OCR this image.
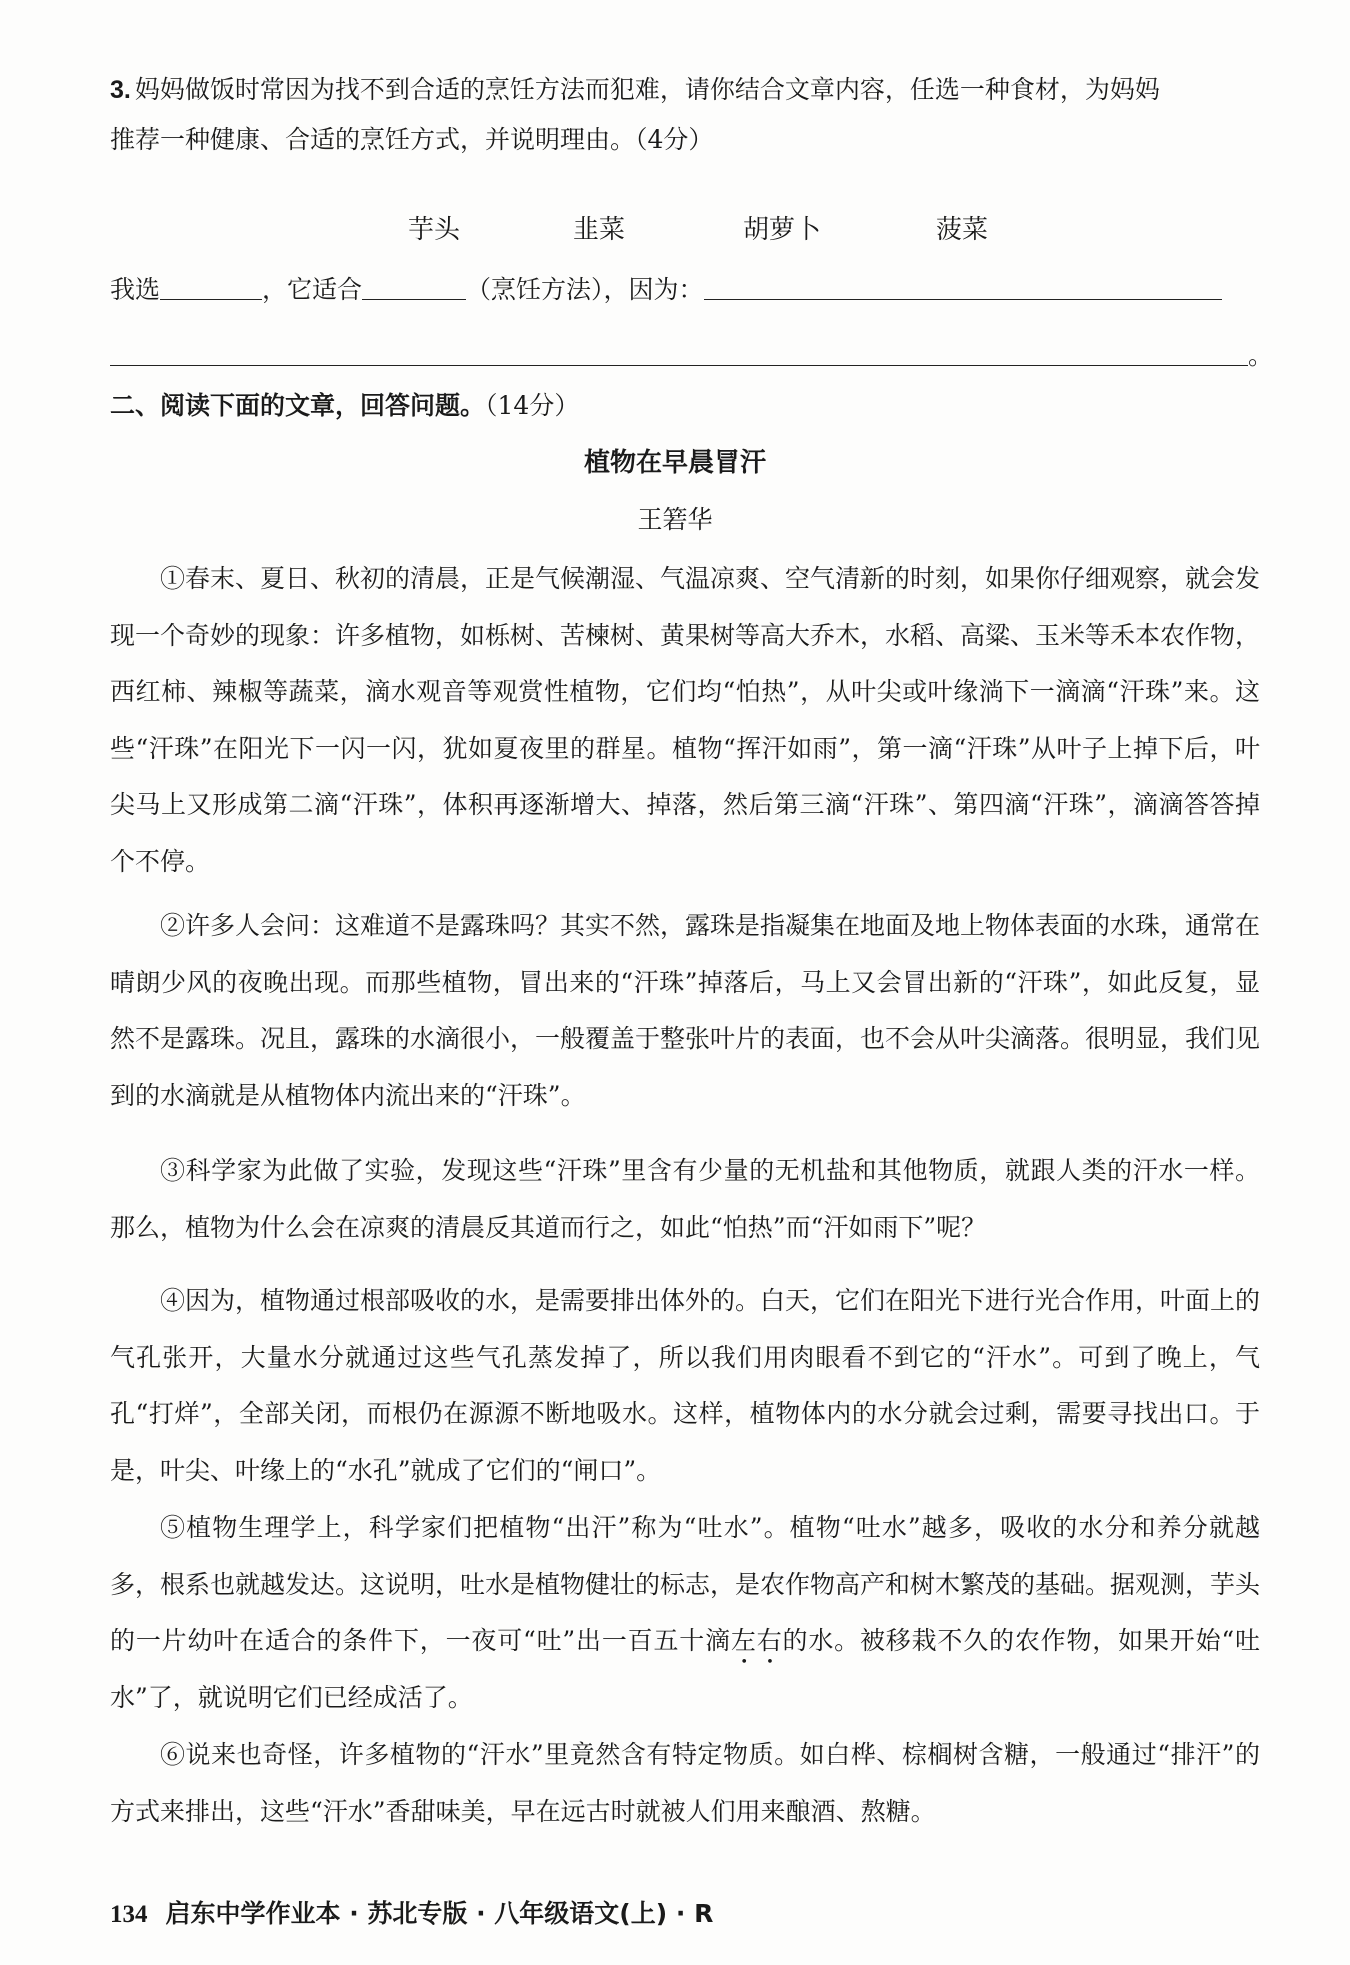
3. 妈妈做饭时常因为找不到合适的烹饪方法而犯难，请你结合文章内容，任选一种食材，为妈妈
推荐一种健康、合适的烹饪方式，并说明理由。（4分）
芋头	韭菜	胡萝卜	菠菜
我选	，它适合	（烹饪方法），因为：
。
二、阅读下面的文章，回答问题。（14分）
植物在早晨冒汗
王箬华
①春末、夏日、秋初的清晨，正是气候潮湿、气温凉爽、空气清新的时刻，如果你仔细观察，就会发现一个奇妙的现象：许多植物，如栎树、苦楝树、黄果树等高大乔木，水稻、高粱、玉米等禾本农作物，西红柿、辣椒等蔬菜，滴水观音等观赏性植物，它们均“怕热”，从叶尖或叶缘淌下一滴滴“汗珠”来。这些“汗珠”在阳光下一闪一闪，犹如夏夜里的群星。植物“挥汗如雨”，第一滴“汗珠”从叶子上掉下后，叶尖马上又形成第二滴“汗珠”，体积再逐渐增大、掉落，然后第三滴“汗珠”、第四滴“汗珠”，滴滴答答掉个不停。
②许多人会问：这难道不是露珠吗？其实不然，露珠是指凝集在地面及地上物体表面的水珠，通常在晴朗少风的夜晚出现。而那些植物，冒出来的“汗珠”掉落后，马上又会冒出新的“汗珠”，如此反复，显然不是露珠。况且，露珠的水滴很小，一般覆盖于整张叶片的表面，也不会从叶尖滴落。很明显，我们见到的水滴就是从植物体内流出来的“汗珠”。
③科学家为此做了实验，发现这些“汗珠”里含有少量的无机盐和其他物质，就跟人类的汗水一样。那么，植物为什么会在凉爽的清晨反其道而行之，如此“怕热”而“汗如雨下”呢？
④因为，植物通过根部吸收的水，是需要排出体外的。白天，它们在阳光下进行光合作用，叶面上的气孔张开，大量水分就通过这些气孔蒸发掉了，所以我们用肉眼看不到它的“汗水”。可到了晚上，气孔“打烊”，全部关闭，而根仍在源源不断地吸水。这样，植物体内的水分就会过剩，需要寻找出口。于是，叶尖、叶缘上的“水孔”就成了它们的“闸口”。
⑤植物生理学上，科学家们把植物“出汗”称为“吐水”。植物“吐水”越多，吸收的水分和养分就越多，根系也就越发达。这说明，吐水是植物健壮的标志，是农作物高产和树木繁茂的基础。据观测，芋头的一片幼叶在适合的条件下，一夜可“吐”出一百五十滴左右的水。被移栽不久的农作物，如果开始“吐水”了，就说明它们已经成活了。
⑥说来也奇怪，许多植物的“汗水”里竟然含有特定物质。如白桦、棕榈树含糖，一般通过“排汗”的方式来排出，这些“汗水”香甜味美，早在远古时就被人们用来酿酒、熬糖。
134 启东中学作业本 · 苏北专版 · 八年级语文(上) · R
